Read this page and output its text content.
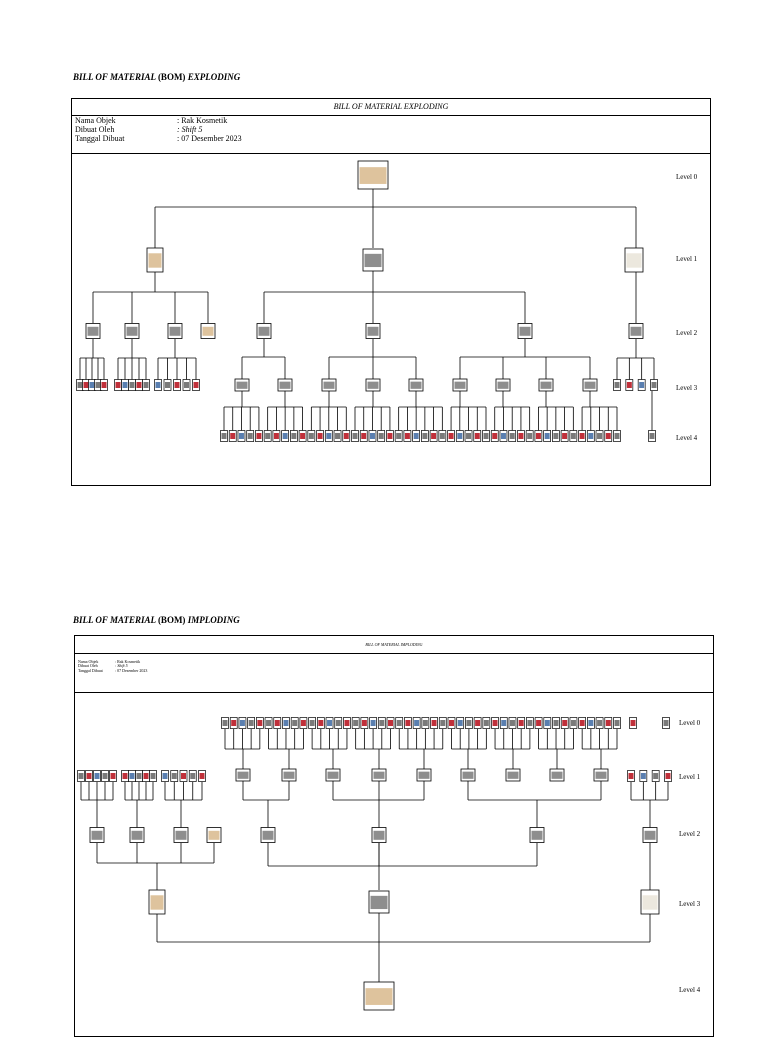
BILL OF MATERIAL (BOM) EXPLODING
BILL OF MATERIAL EXPLODING
Nama Objek	: Rak Kosmetik
Dibuat Oleh	: Shift 5
Tanggal Dibuat	: 07 Desember 2023
Level 0
Level 1
Level 2
Level 3
Level 4
BILL OF MATERIAL (BOM) IMPLODING
BILL OF MATERIAL IMPLODING
Nama Objek	: Rak Kosmetik
Dibuat Oleh	: Shift 5
Tanggal Dibuat	: 07 Desember 2023
Level 0
Level 1
Level 2
Level 3
Level 4
